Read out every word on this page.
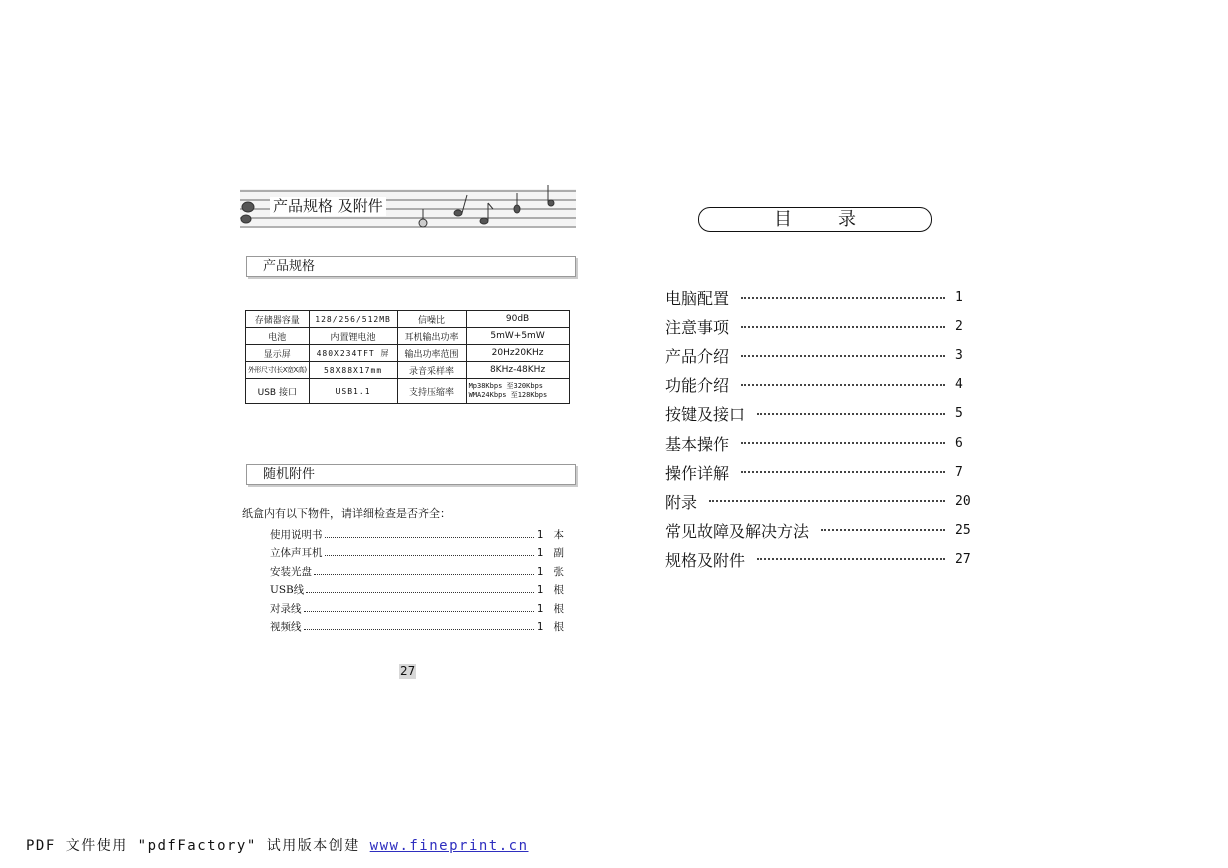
产品规格 及附件
产品规格
存储器容量	128/256/512MB	信噪比	90dB
电池	内置锂电池	耳机输出功率	5mW+5mW
显示屏	480X234TFT 屏	输出功率范围	20Hz20KHz
外形尺寸(长X宽X高)	58X88X17mm	录音采样率	8KHz-48KHz
USB 接口	USB1.1	支持压缩率	Mp38Kbps 至320Kbps
WMA24Kbps 至128Kbps
随机附件
纸盒内有以下物件，请详细检查是否齐全：
使用说明书	1 本
立体声耳机	1 副
安装光盘	1 张
USB线	1 根
对录线	1 根
视频线	1 根
27
目录
电脑配置	1
注意事项	2
产品介绍	3
功能介绍	4
按键及接口	5
基本操作	6
操作详解	7
附录	20
常见故障及解决方法	25
规格及附件	27
PDF 文件使用 "pdfFactory" 试用版本创建 www.fineprint.cn
